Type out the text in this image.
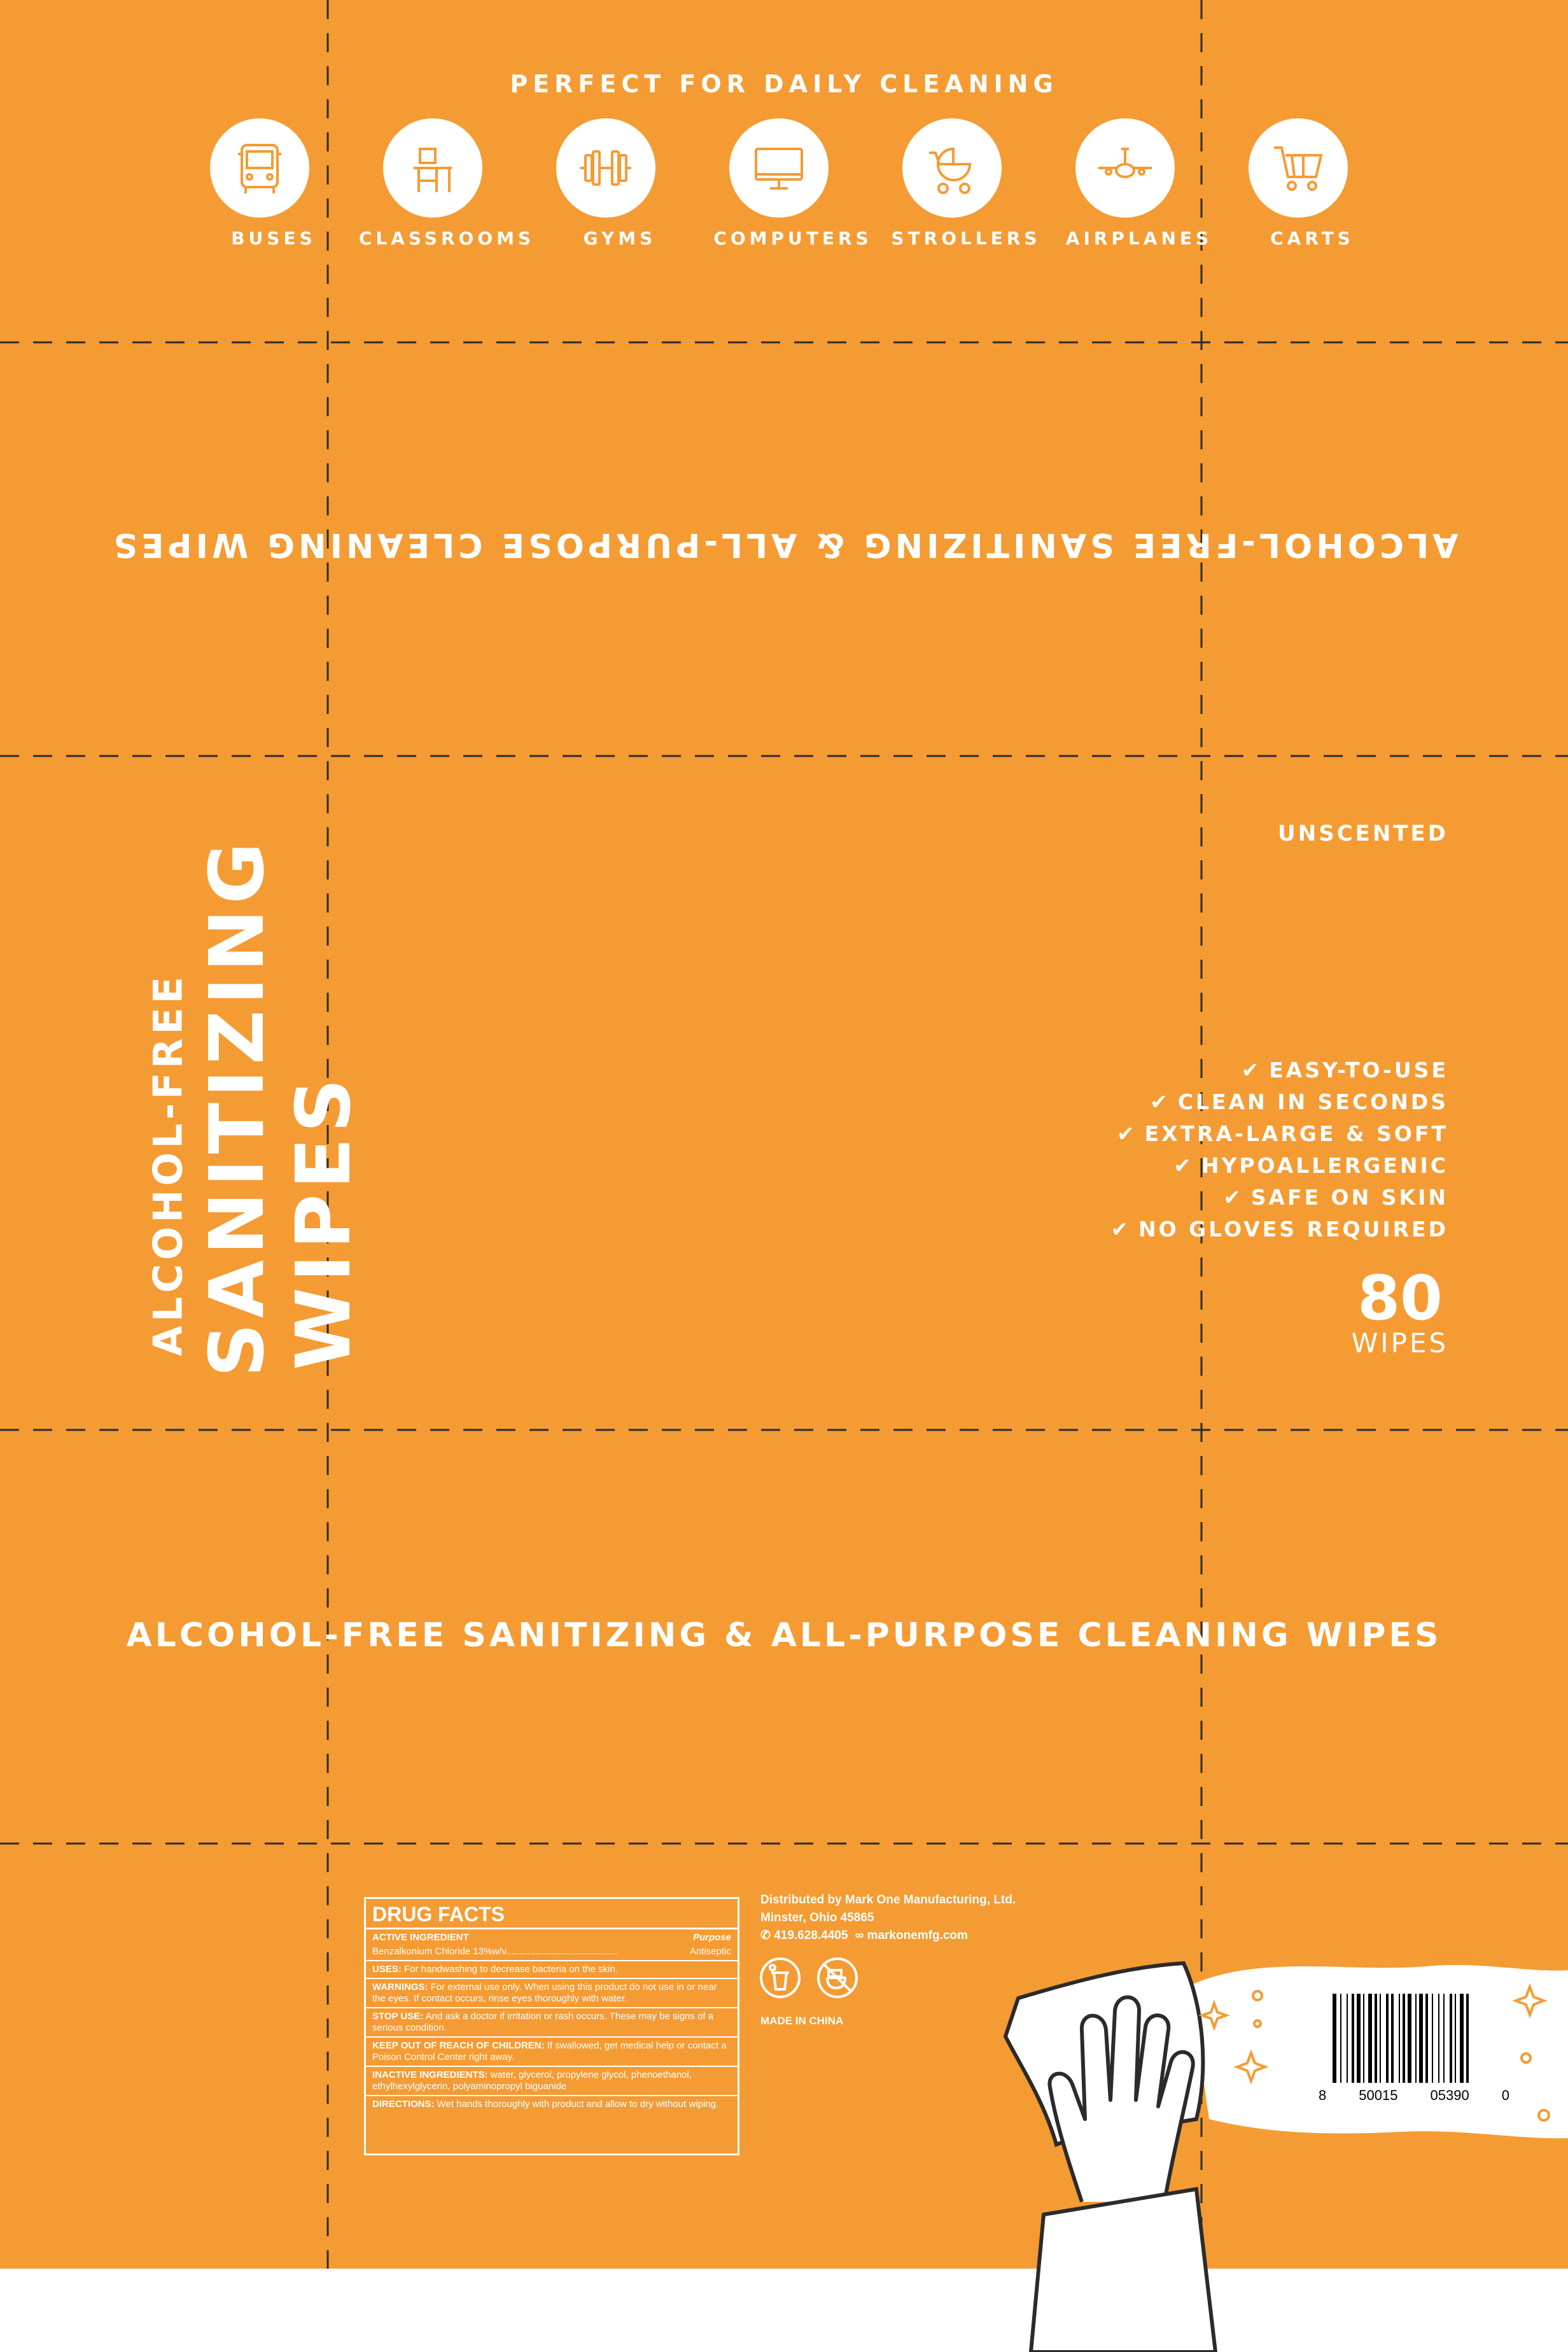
PERFECT FOR DAILY CLEANING
BUSES	CLASSROOMS	GYMS	COMPUTERS	STROLLERS	AIRPLANES	CARTS
ALCOHOL-FREE SANITIZING & ALL-PURPOSE CLEANING WIPES
ALCOHOL-FREE SANITIZING
WIPES
UNSCENTED
✔ EASY-TO-USE
✔ CLEAN IN SECONDS
✔ EXTRA-LARGE & SOFT
✔ HYPOALLERGENIC
✔ SAFE ON SKIN
✔ NO GLOVES REQUIRED
80
WIPES
ALCOHOL-FREE SANITIZING & ALL-PURPOSE CLEANING WIPES
DRUG FACTS
ACTIVE INGREDIENT	Purpose
Benzalkonium Chloride 13%w/v..........................................	Antiseptic
USES: For handwashing to decrease bacteria on the skin.
WARNINGS: For external use only. When using this product do not use in or near the eyes. If contact occurs, rinse eyes thoroughly with water.
STOP USE: And ask a doctor if irritation or rash occurs. These may be signs of a serious condition.
KEEP OUT OF REACH OF CHILDREN: If swallowed, get medical help or contact a Poison Control Center right away.
INACTIVE INGREDIENTS: water, glycerol, propylene glycol, phenoethanol, ethylhexylglycerin, polyaminopropyl biguanide
DIRECTIONS: Wet hands thoroughly with product and allow to dry without wiping.
Distributed by Mark One Manufacturing, Ltd.
Minster, Ohio 45865
✆ 419.628.4405 ∞ markonemfg.com
MADE IN CHINA
8 50015 05390 0
